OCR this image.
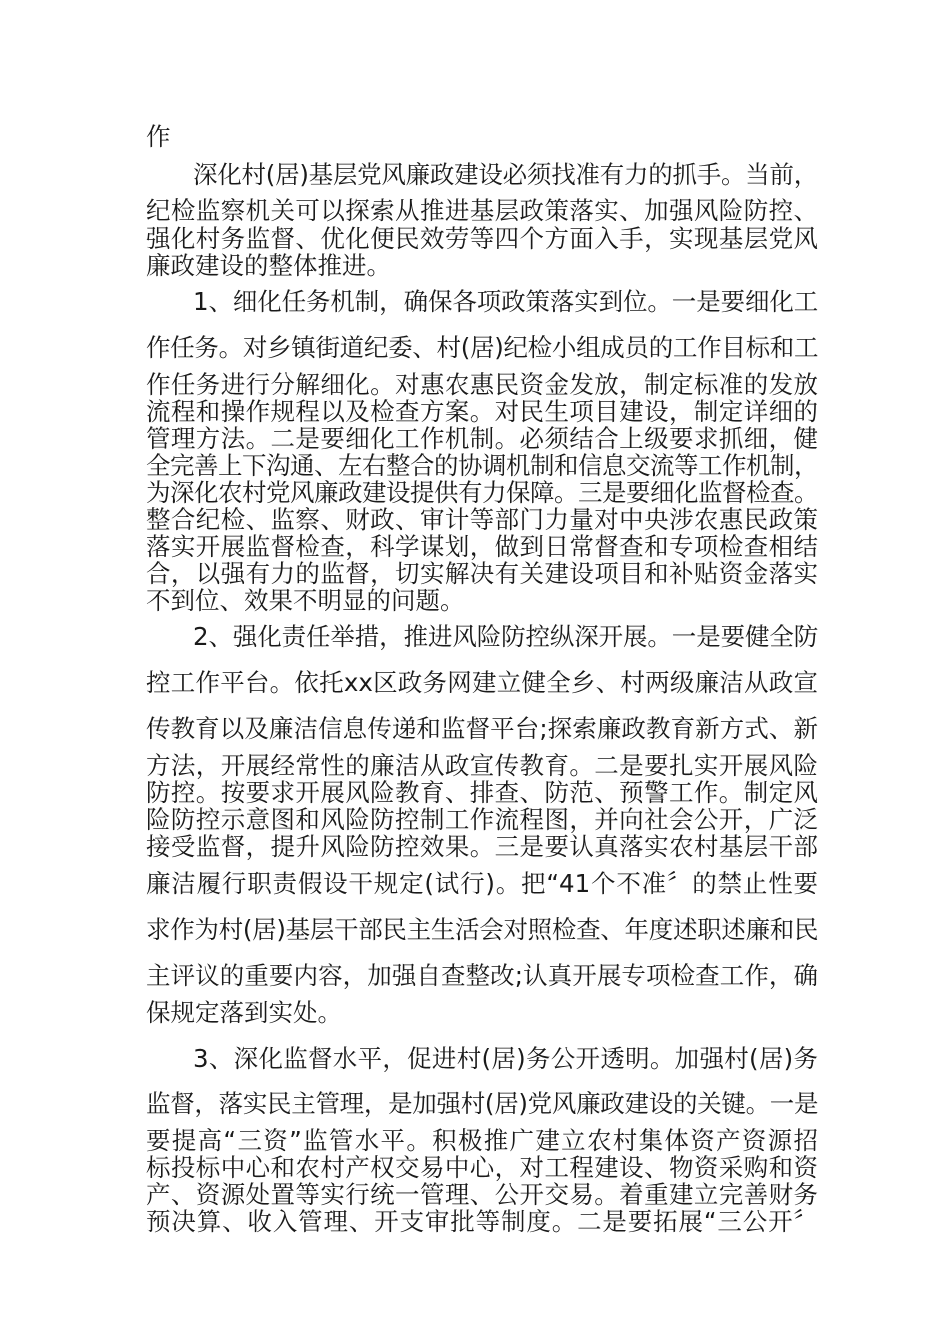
作
深化村(居)基层党风廉政建设必须找准有力的抓手。当前，
纪检监察机关可以探索从推进基层政策落实、加强风险防控、
强化村务监督、优化便民效劳等四个方面入手，实现基层党风
廉政建设的整体推进。
1、细化任务机制，确保各项政策落实到位。一是要细化工
作任务。对乡镇街道纪委、村(居)纪检小组成员的工作目标和工
作任务进行分解细化。对惠农惠民资金发放，制定标准的发放
流程和操作规程以及检查方案。对民生项目建设，制定详细的
管理方法。二是要细化工作机制。必须结合上级要求抓细，健
全完善上下沟通、左右整合的协调机制和信息交流等工作机制，
为深化农村党风廉政建设提供有力保障。三是要细化监督检查。
整合纪检、监察、财政、审计等部门力量对中央涉农惠民政策
落实开展监督检查，科学谋划，做到日常督查和专项检查相结
合，以强有力的监督，切实解决有关建设项目和补贴资金落实
不到位、效果不明显的问题。
2、强化责任举措，推进风险防控纵深开展。一是要健全防
控工作平台。依托xx区政务网建立健全乡、村两级廉洁从政宣
传教育以及廉洁信息传递和监督平台;探索廉政教育新方式、新
方法，开展经常性的廉洁从政宣传教育。二是要扎实开展风险
防控。按要求开展风险教育、排查、防范、预警工作。制定风
险防控示意图和风险防控制工作流程图，并向社会公开，广泛
接受监督，提升风险防控效果。三是要认真落实农村基层干部
廉洁履行职责假设干规定(试行)。把“41个不准〞的禁止性要
求作为村(居)基层干部民主生活会对照检查、年度述职述廉和民
主评议的重要内容，加强自查整改;认真开展专项检查工作，确
保规定落到实处。
3、深化监督水平，促进村(居)务公开透明。加强村(居)务
监督，落实民主管理，是加强村(居)党风廉政建设的关键。一是
要提高“三资”监管水平。积极推广建立农村集体资产资源招
标投标中心和农村产权交易中心，对工程建设、物资采购和资
产、资源处置等实行统一管理、公开交易。着重建立完善财务
预决算、收入管理、开支审批等制度。二是要拓展“三公开〞
